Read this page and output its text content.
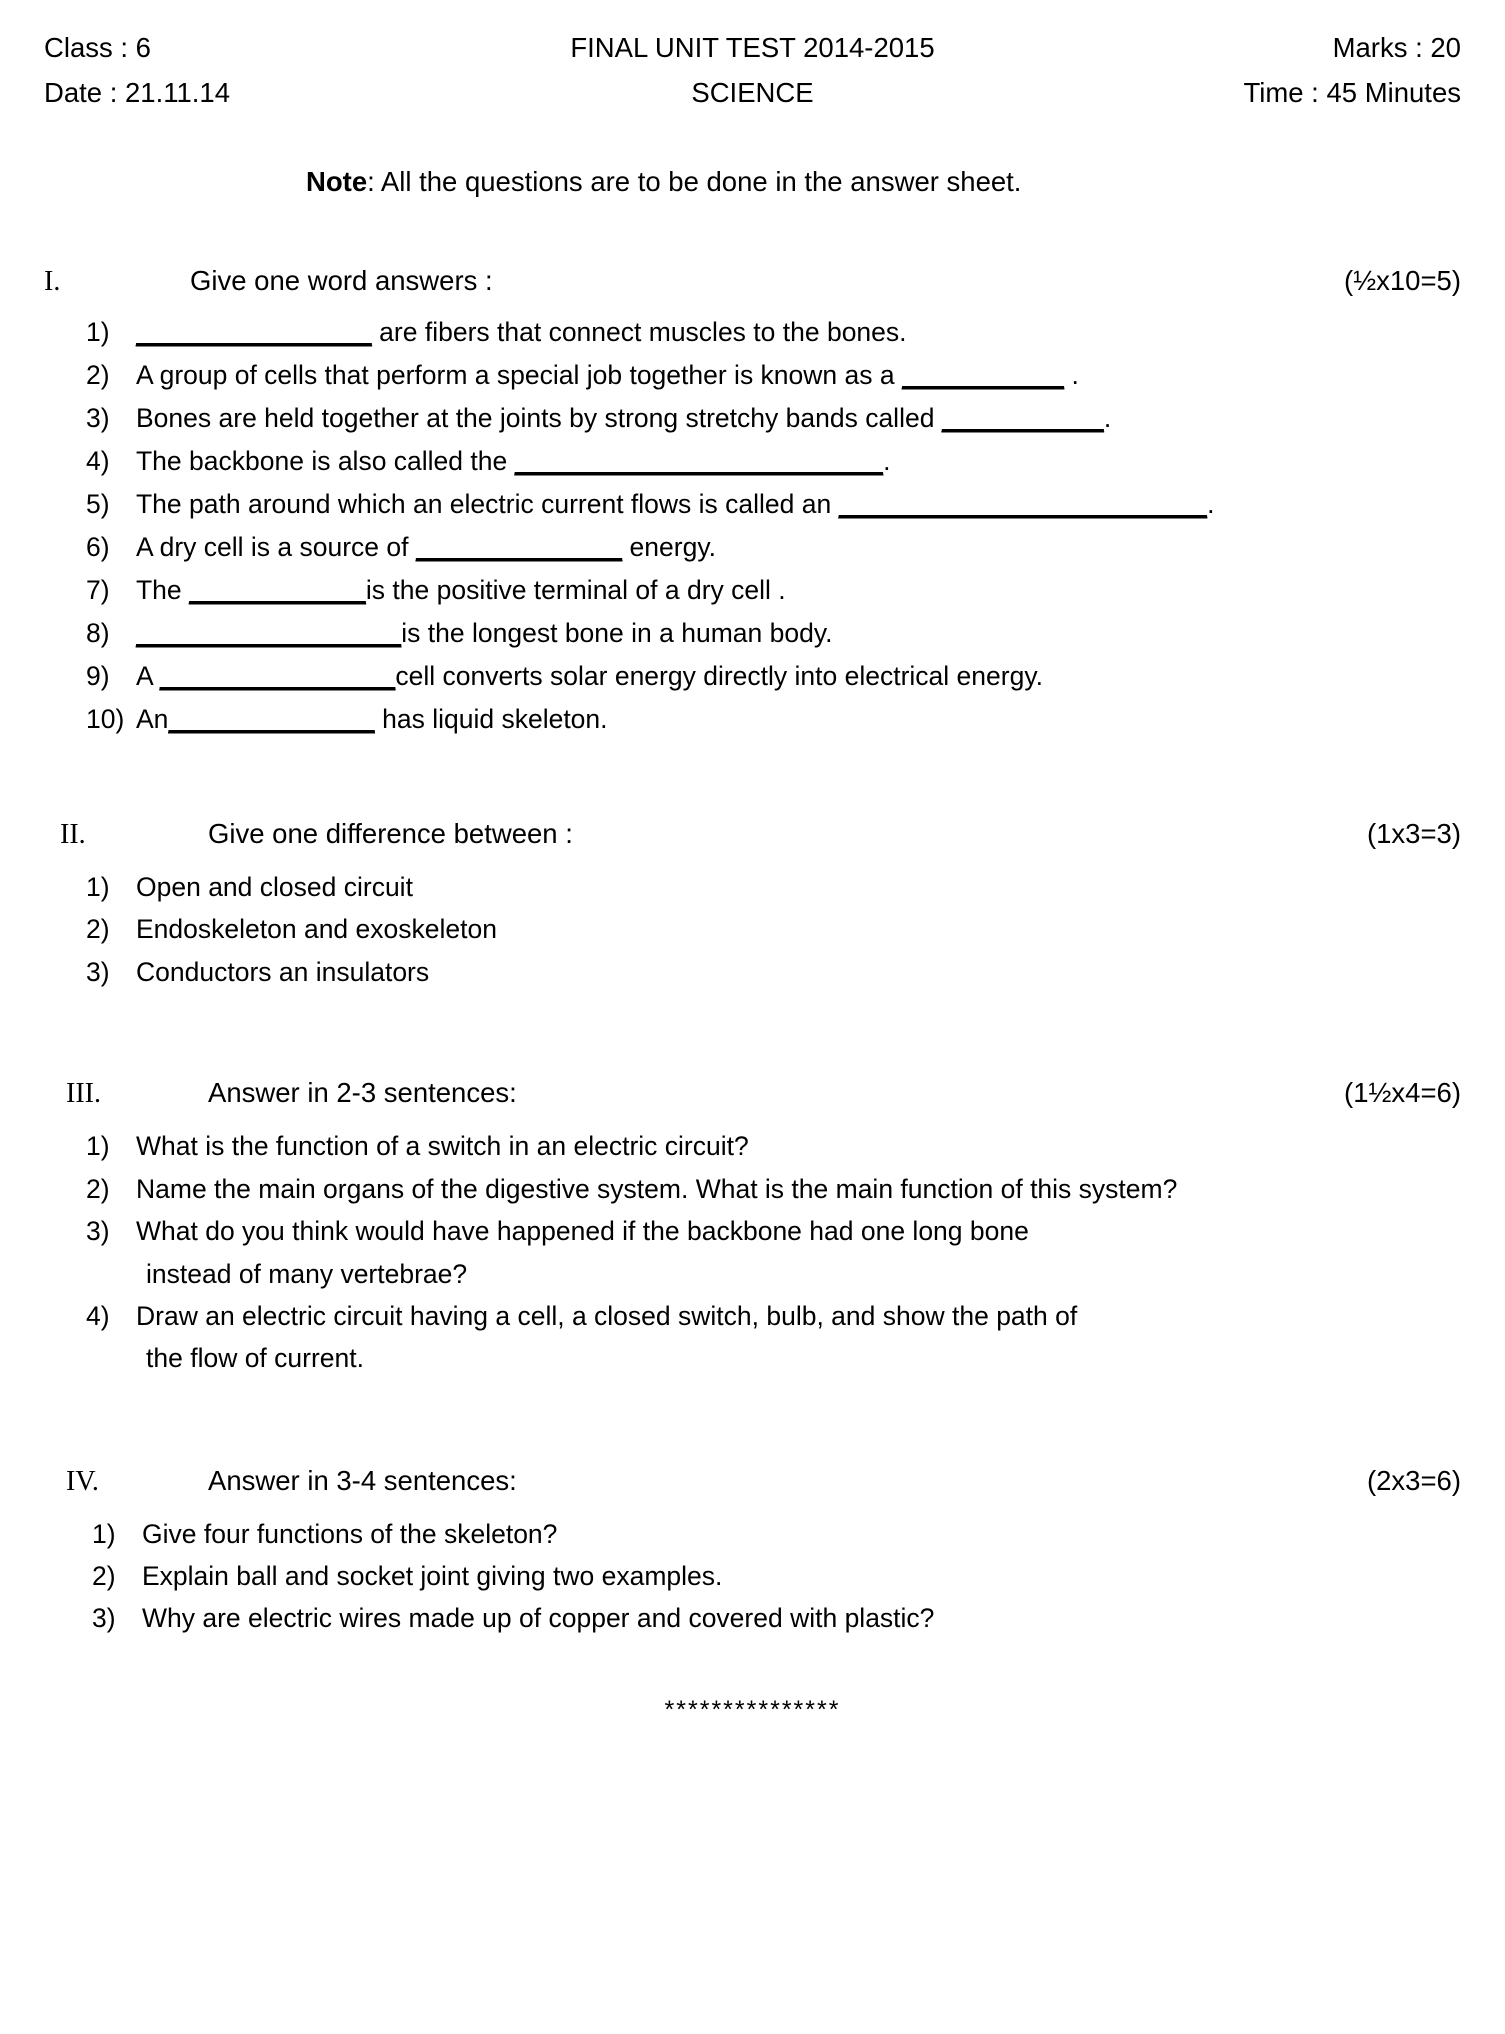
Class : 6	FINAL UNIT TEST 2014-2015	Marks : 20
Date : 21.11.14	SCIENCE	Time : 45 Minutes
Note: All the questions are to be done in the answer sheet.
I.	Give one word answers :	(½x10=5)
1) ________________ are fibers that connect muscles to the bones.
2) A group of cells that perform a special job together is known as a ___________ .
3) Bones are held together at the joints by strong stretchy bands called ___________.
4) The backbone is also called the _________________________.
5) The path around which an electric current flows is called an _________________________.
6) A dry cell is a source of ______________ energy.
7) The ____________is the positive terminal of a dry cell .
8) __________________is the longest bone in a human body.
9) A ________________cell converts solar energy directly into electrical energy.
10) An______________ has liquid skeleton.
II.	Give one difference between :	(1x3=3)
1) Open and closed circuit
2) Endoskeleton and exoskeleton
3) Conductors an insulators
III.	Answer in 2-3 sentences:	(1½x4=6)
1) What is the function of a switch in an electric circuit?
2) Name the main organs of the digestive system. What is the main function of this system?
3) What do you think would have happened if the backbone had one long bone
instead of many vertebrae?
4) Draw an electric circuit having a cell, a closed switch, bulb, and show the path of
the flow of current.
IV.	Answer in 3-4 sentences:	(2x3=6)
1) Give four functions of the skeleton?
2) Explain ball and socket joint giving two examples.
3) Why are electric wires made up of copper and covered with plastic?
***************
